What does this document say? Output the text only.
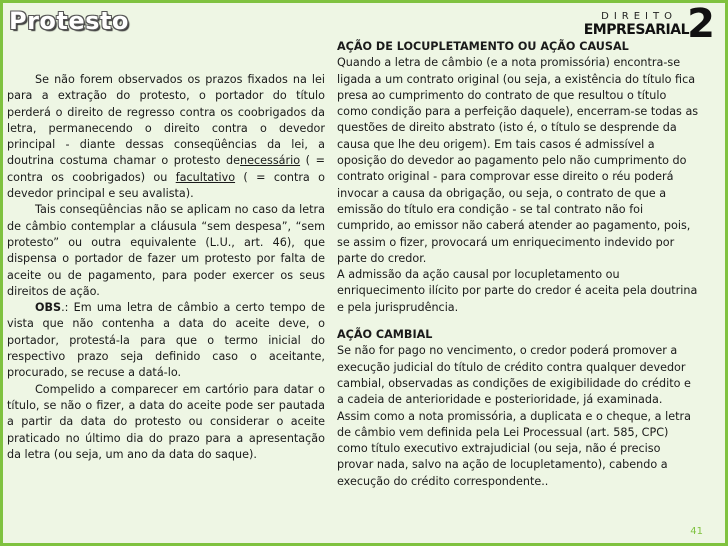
Protesto	DIREITO
EMPRESARIAL
2

Se não forem observados os prazos fixados na lei para a extração do protesto, o portador do título perderá o direito de regresso contra os coobrigados da letra, permanecendo o direito contra o devedor principal - diante dessas conseqüências da lei, a doutrina costuma chamar o protesto denecessário ( = contra os coobrigados) ou facultativo ( = contra o devedor principal e seu avalista).

Tais conseqüências não se aplicam no caso da letra de câmbio contemplar a cláusula “sem despesa”, “sem protesto” ou outra equivalente (L.U., art. 46), que dispensa o portador de fazer um protesto por falta de aceite ou de pagamento, para poder exercer os seus direitos de ação.

OBS.: Em uma letra de câmbio a certo tempo de vista que não contenha a data do aceite deve, o portador, protestá-la para que o termo inicial do respectivo prazo seja definido caso o aceitante, procurado, se recuse a datá-lo.

Compelido a comparecer em cartório para datar o título, se não o fizer, a data do aceite pode ser pautada a partir da data do protesto ou considerar o aceite praticado no último dia do prazo para a apresentação da letra (ou seja, um ano da data do saque).

AÇÃO DE LOCUPLETAMENTO OU AÇÃO CAUSAL

Quando a letra de câmbio (e a nota promissória) encontra-se ligada a um contrato original (ou seja, a existência do título fica presa ao cumprimento do contrato de que resultou o título como condição para a perfeição daquele), encerram-se todas as questões de direito abstrato (isto é, o título se desprende da causa que lhe deu origem). Em tais casos é admissível a oposição do devedor ao pagamento pelo não cumprimento do contrato original - para comprovar esse direito o réu poderá invocar a causa da obrigação, ou seja, o contrato de que a emissão do título era condição - se tal contrato não foi cumprido, ao emissor não caberá atender ao pagamento, pois, se assim o fizer, provocará um enriquecimento indevido por parte do credor.

A admissão da ação causal por locupletamento ou enriquecimento ilícito por parte do credor é aceita pela doutrina e pela jurisprudência.

AÇÃO CAMBIAL

Se não for pago no vencimento, o credor poderá promover a execução judicial do título de crédito contra qualquer devedor cambial, observadas as condições de exigibilidade do crédito e a cadeia de anterioridade e posterioridade, já examinada.

Assim como a nota promissória, a duplicata e o cheque, a letra de câmbio vem definida pela Lei Processual (art. 585, CPC) como título executivo extrajudicial (ou seja, não é preciso provar nada, salvo na ação de locupletamento), cabendo a execução do crédito correspondente..

41
